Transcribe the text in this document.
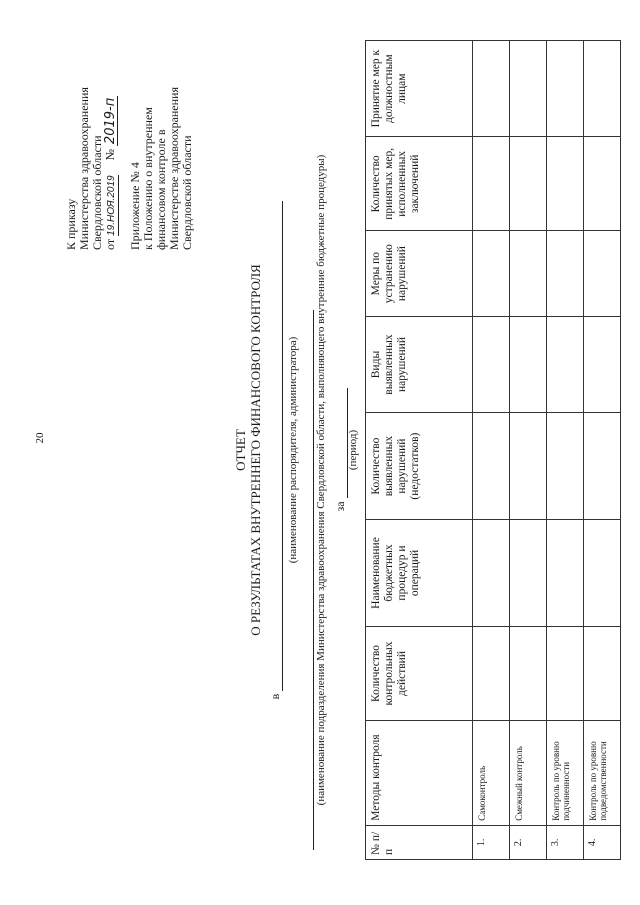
20
К приказу Министерства здравоохранения Свердловской области от 19.НОЯ.2019     № 2019-п
Приложение № 4 к Положению о внутреннем финансовом контроле в Министерстве здравоохранения Свердловской области
ОТЧЕТ О РЕЗУЛЬТАТАХ ВНУТРЕННЕГО ФИНАНСОВОГО КОНТРОЛЯ
в
(наименование распорядителя, администратора) (наименование подразделения Министерства здравоохранения Свердловской области, выполняющего внутренние бюджетные процедуры) за
(период)
№ п/п	Методы контроля	Количество контрольных действий	Наименование бюджетных процедур и операций	Количество выявленных нарушений (недостатков)	Виды выявленных нарушений	Меры по устранению нарушений	Количество принятых мер, исполненных заключений	Принятие мер к должностным лицам
1.	Самоконтроль							
2.	Смежный контроль							
3.	Контроль по уровню подчиненности							
4.	Контроль по уровню подведомственности							
